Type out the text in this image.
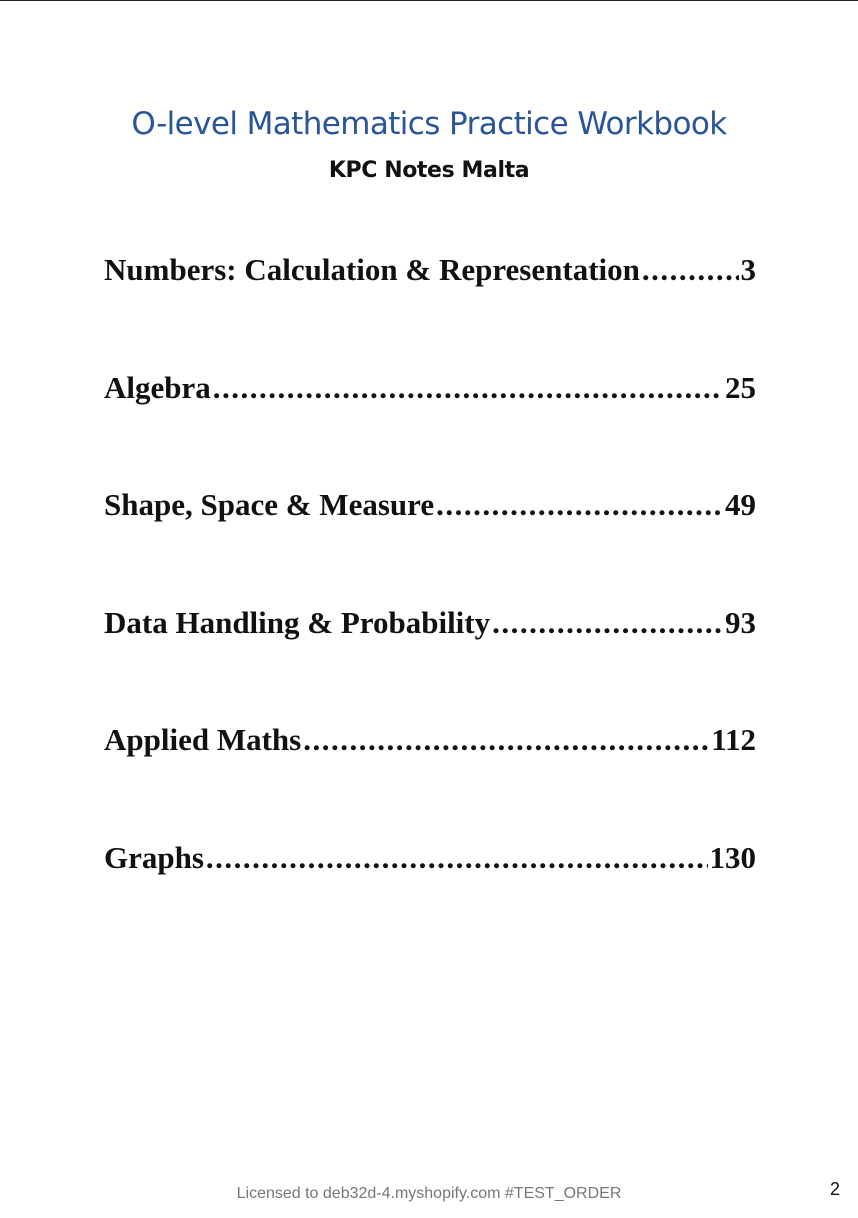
O-level Mathematics Practice Workbook
KPC Notes Malta
Numbers: Calculation & Representation .....	3
Algebra .....	25
Shape, Space & Measure .....	49
Data Handling & Probability .....	93
Applied Maths .....	112
Graphs .....	130
Licensed to deb32d-4.myshopify.com #TEST_ORDER	2
